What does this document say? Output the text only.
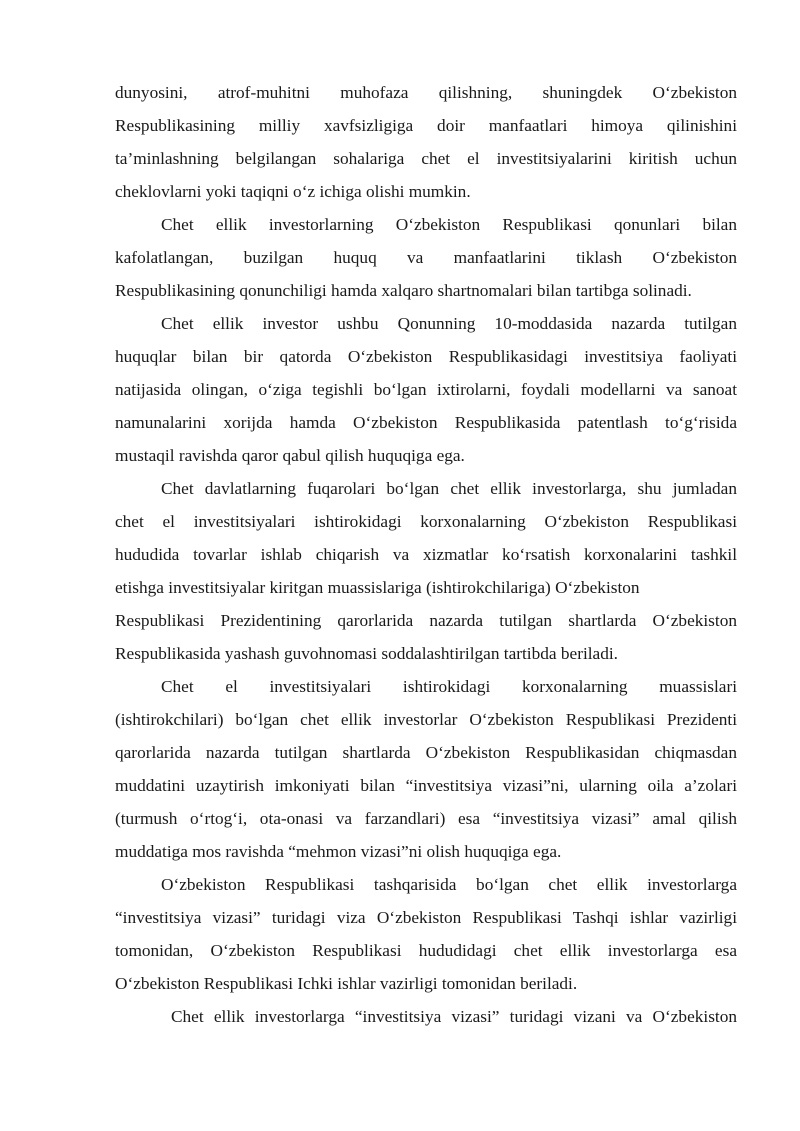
dunyosini, atrof-muhitni muhofaza qilishning, shuningdek O‘zbekiston
Respublikasining milliy xavfsizligiga doir manfaatlari himoya qilinishini
ta’minlashning belgilangan sohalariga chet el investitsiyalarini kiritish uchun
cheklovlarni yoki taqiqni o‘z ichiga olishi mumkin.
Chet ellik investorlarning O‘zbekiston Respublikasi qonunlari bilan
kafolatlangan, buzilgan huquq va manfaatlarini tiklash O‘zbekiston
Respublikasining qonunchiligi hamda xalqaro shartnomalari bilan tartibga solinadi.
Chet ellik investor ushbu Qonunning 10-moddasida nazarda tutilgan
huquqlar bilan bir qatorda O‘zbekiston Respublikasidagi investitsiya faoliyati
natijasida olingan, o‘ziga tegishli bo‘lgan ixtirolarni, foydali modellarni va sanoat
namunalarini xorijda hamda O‘zbekiston Respublikasida patentlash to‘g‘risida
mustaqil ravishda qaror qabul qilish huquqiga ega.
Chet davlatlarning fuqarolari bo‘lgan chet ellik investorlarga, shu jumladan
chet el investitsiyalari ishtirokidagi korxonalarning O‘zbekiston Respublikasi
hududida tovarlar ishlab chiqarish va xizmatlar ko‘rsatish korxonalarini tashkil
etishga investitsiyalar kiritgan muassislariga (ishtirokchilariga) O‘zbekiston
Respublikasi Prezidentining qarorlarida nazarda tutilgan shartlarda O‘zbekiston
Respublikasida yashash guvohnomasi soddalashtirilgan tartibda beriladi.
Chet el investitsiyalari ishtirokidagi korxonalarning muassislari
(ishtirokchilari) bo‘lgan chet ellik investorlar O‘zbekiston Respublikasi Prezidenti
qarorlarida nazarda tutilgan shartlarda O‘zbekiston Respublikasidan chiqmasdan
muddatini uzaytirish imkoniyati bilan “investitsiya vizasi”ni, ularning oila a’zolari
(turmush o‘rtog‘i, ota-onasi va farzandlari) esa “investitsiya vizasi” amal qilish
muddatiga mos ravishda “mehmon vizasi”ni olish huquqiga ega.
O‘zbekiston Respublikasi tashqarisida bo‘lgan chet ellik investorlarga
“investitsiya vizasi” turidagi viza O‘zbekiston Respublikasi Tashqi ishlar vazirligi
tomonidan, O‘zbekiston Respublikasi hududidagi chet ellik investorlarga esa
O‘zbekiston Respublikasi Ichki ishlar vazirligi tomonidan beriladi.
Chet ellik investorlarga “investitsiya vizasi” turidagi vizani va O‘zbekiston
